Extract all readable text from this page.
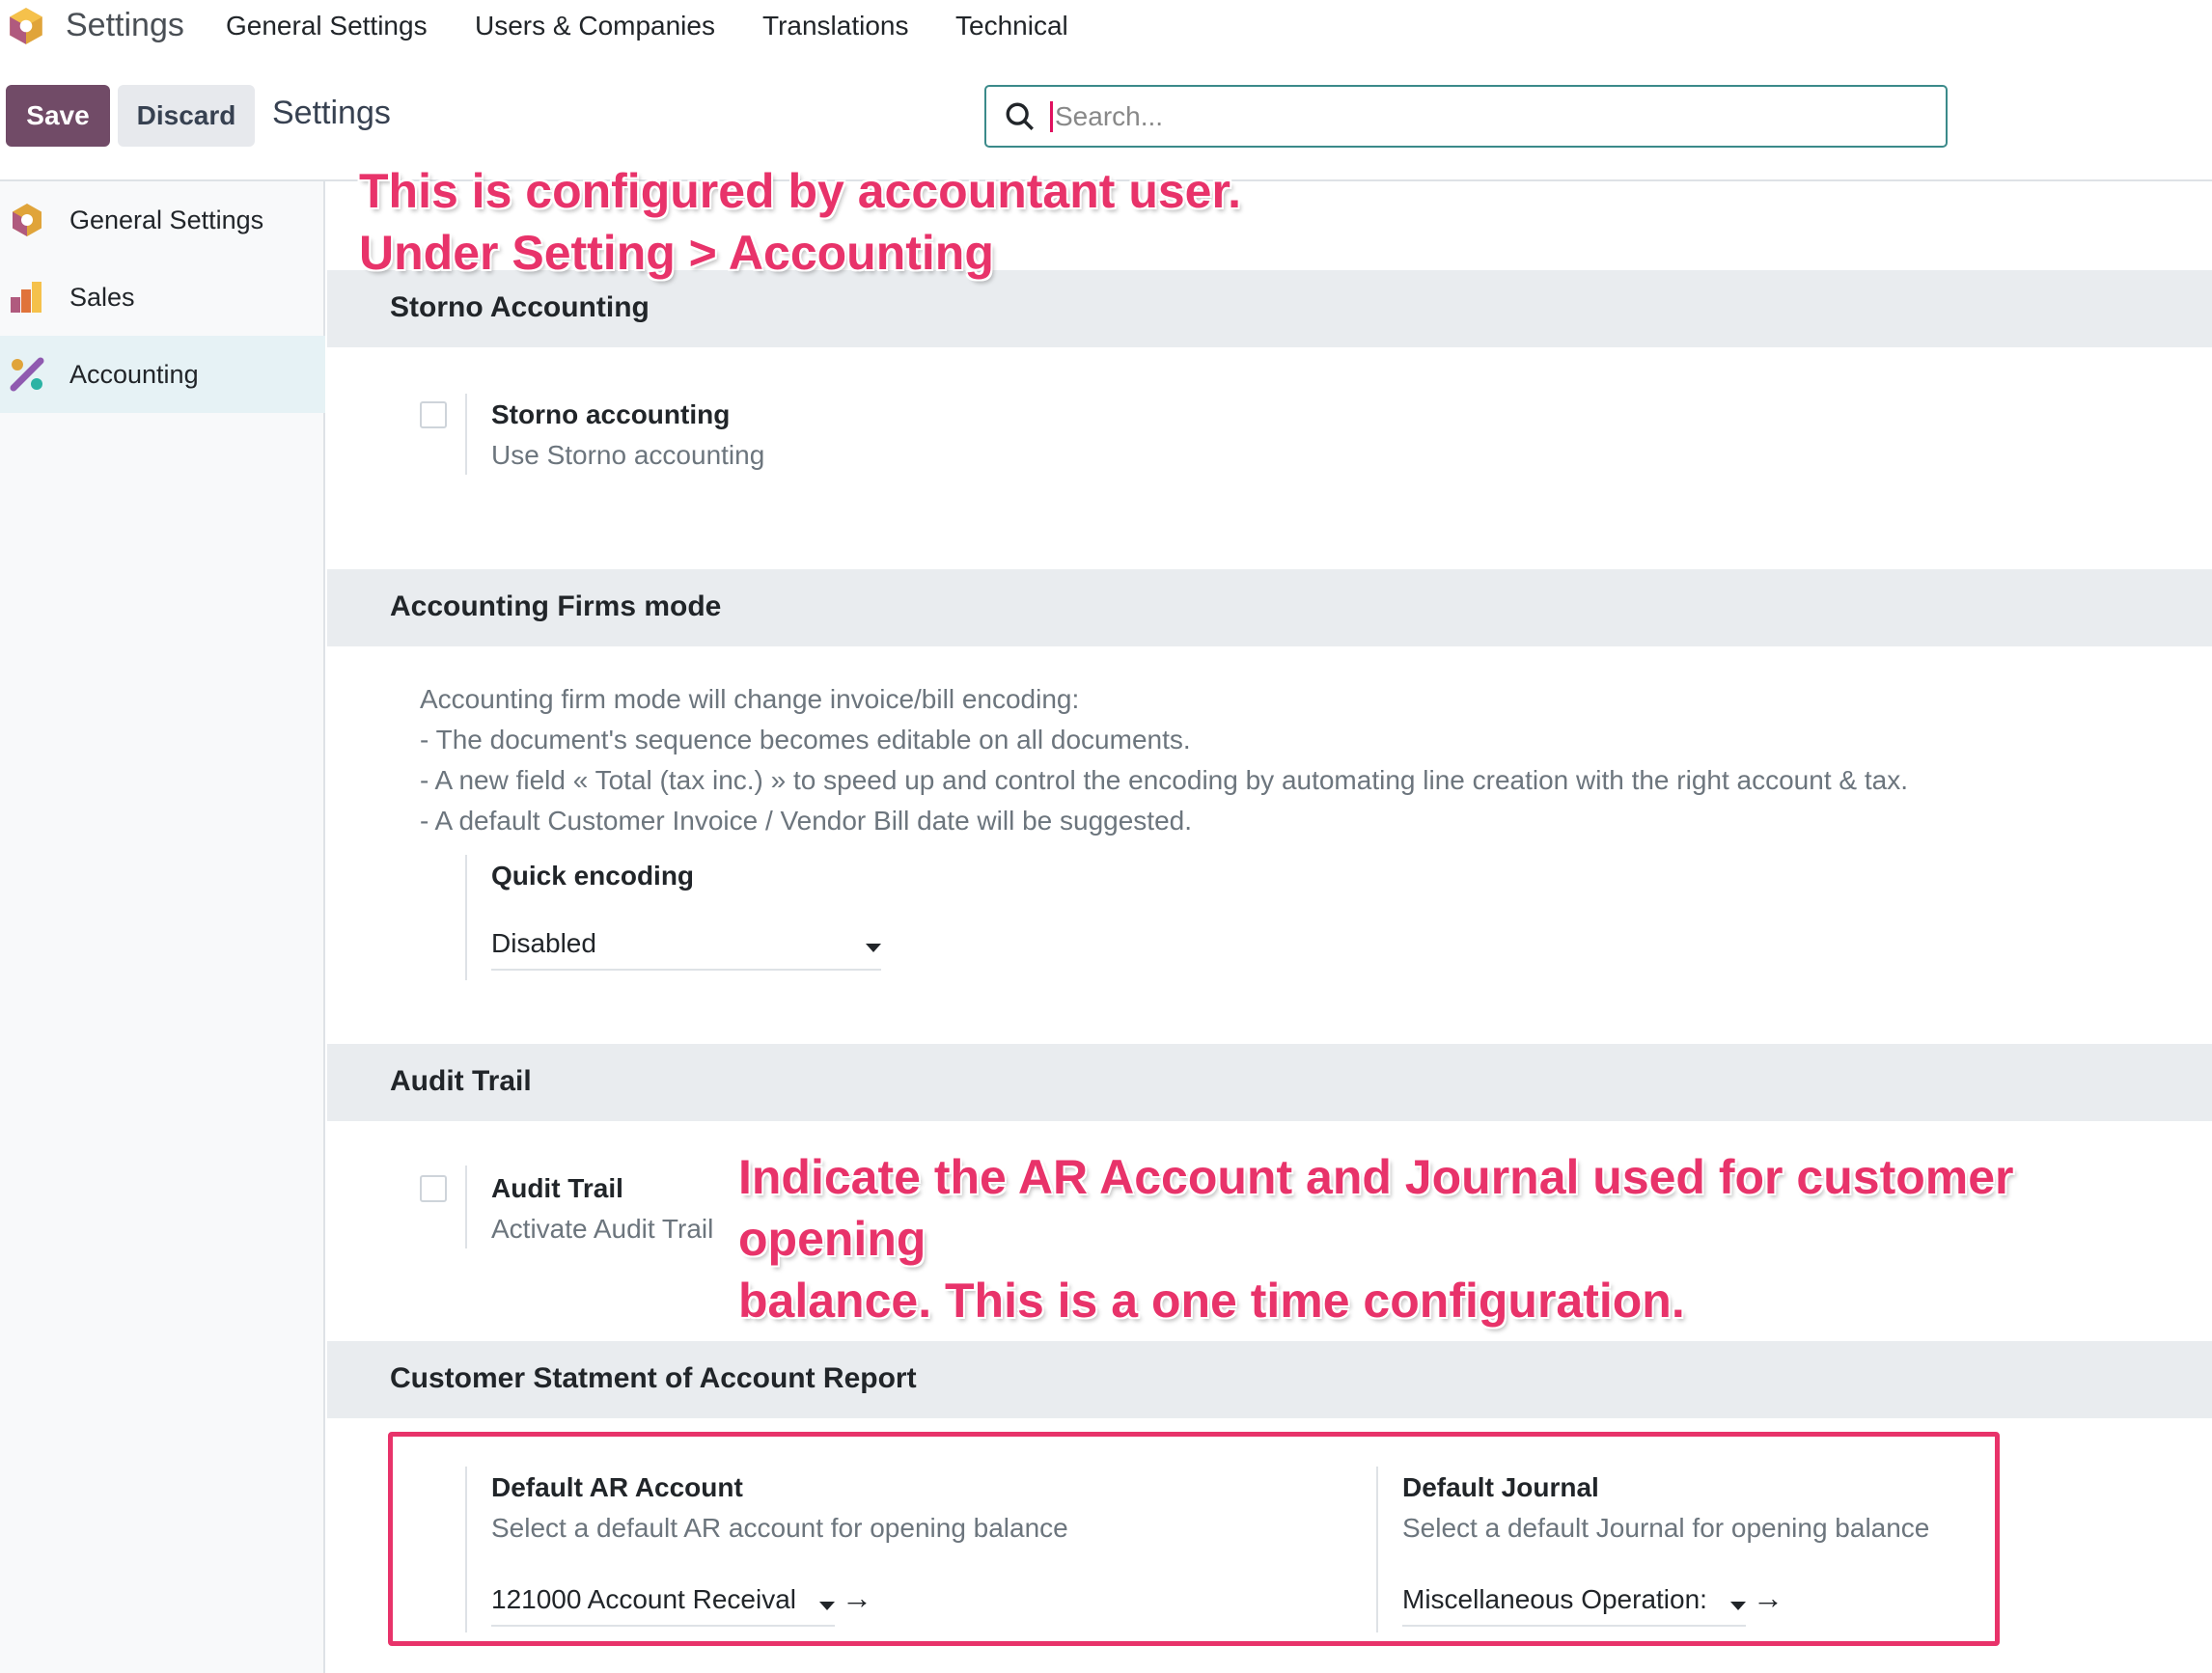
Settings General Settings Users & Companies Translations Technical
Save	Discard	Settings
Search...
General Settings
Sales
Accounting
Storno Accounting
Storno accounting
Use Storno accounting
Accounting Firms mode
Accounting firm mode will change invoice/bill encoding:
- The document's sequence becomes editable on all documents.
- A new field « Total (tax inc.) » to speed up and control the encoding by automating line creation with the right account & tax.
- A default Customer Invoice / Vendor Bill date will be suggested.
Quick encoding
Disabled
Audit Trail
Audit Trail
Activate Audit Trail
Customer Statment of Account Report
Default AR Account
Select a default AR account for opening balance
121000 Account Receival	→
Default Journal
Select a default Journal for opening balance
Miscellaneous Operation:	→
This is configured by accountant user.
Under Setting > Accounting
Indicate the AR Account and Journal used for customer opening
balance. This is a one time configuration.
